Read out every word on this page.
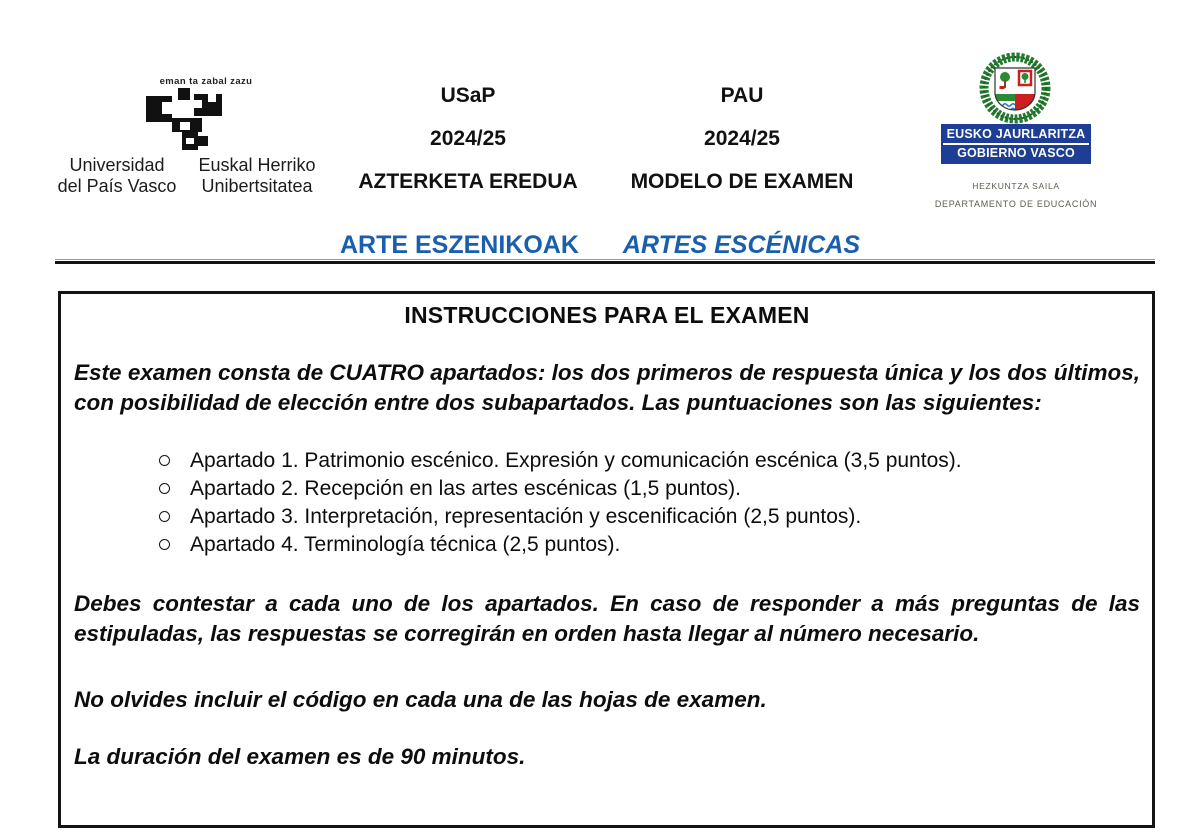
eman ta zabal zazu
Universidad
del País Vasco
Euskal Herriko
Unibertsitatea
USaP
2024/25
AZTERKETA EREDUA
PAU
2024/25
MODELO DE EXAMEN
EUSKO JAURLARITZA
GOBIERNO VASCO
HEZKUNTZA SAILA
DEPARTAMENTO DE EDUCACIÓN
ARTE ESZENIKOAK ARTES ESCÉNICAS
INSTRUCCIONES PARA EL EXAMEN

Este examen consta de CUATRO apartados: los dos primeros de respuesta única y los dos últimos, con posibilidad de elección entre dos subapartados. Las puntuaciones son las siguientes:

Apartado 1. Patrimonio escénico. Expresión y comunicación escénica (3,5 puntos).
Apartado 2. Recepción en las artes escénicas (1,5 puntos).
Apartado 3. Interpretación, representación y escenificación (2,5 puntos).
Apartado 4. Terminología técnica (2,5 puntos).

Debes contestar a cada uno de los apartados. En caso de responder a más preguntas de las estipuladas, las respuestas se corregirán en orden hasta llegar al número necesario.

No olvides incluir el código en cada una de las hojas de examen.

La duración del examen es de 90 minutos.
